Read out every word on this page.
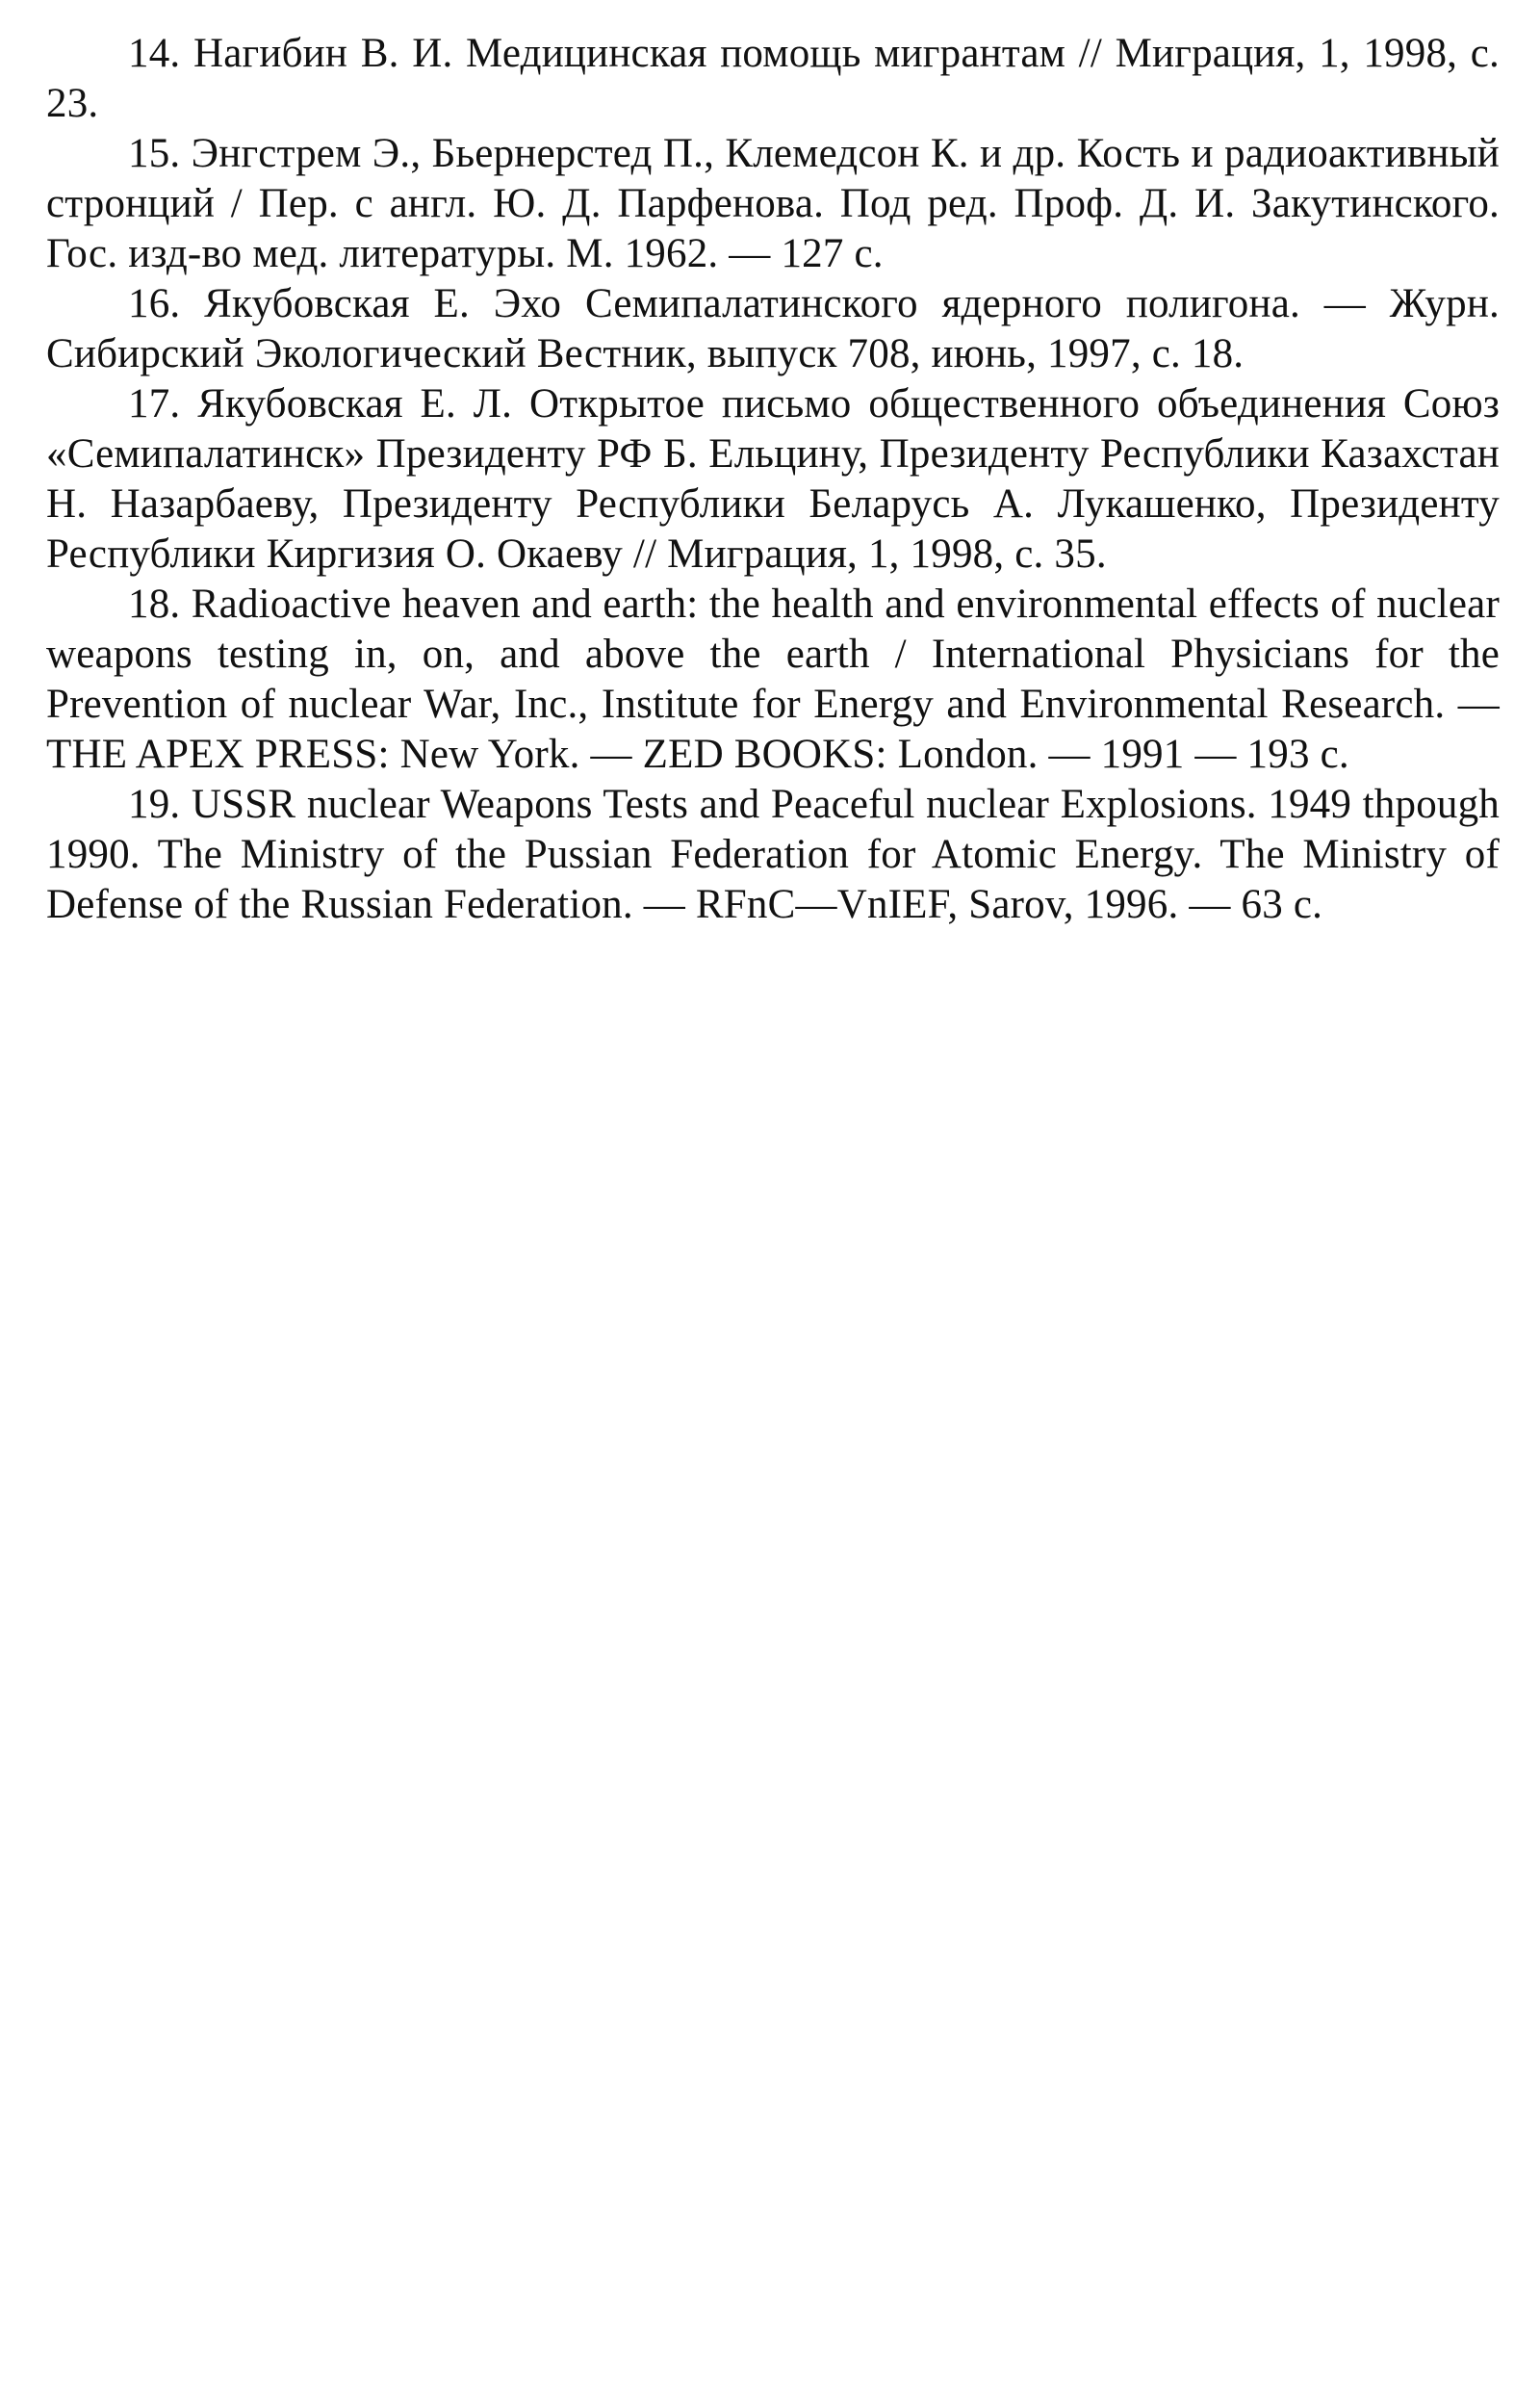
14. Нагибин В. И. Медицинская помощь мигрантам // Миграция, 1, 1998, с. 23.

15. Энгстрем Э., Бьернерстед П., Клемедсон К. и др. Кость и радиоактивный стронций / Пер. с англ. Ю. Д. Парфенова. Под ред. Проф. Д. И. Закутинского. Гос. изд-во мед. литературы. М. 1962. — 127 с.

16. Якубовская Е. Эхо Семипалатинского ядерного полигона. — Журн. Сибирский Экологический Вестник, выпуск 708, июнь, 1997, с. 18.

17. Якубовская Е. Л. Открытое письмо общественного объединения Союз «Семипалатинск» Президенту РФ Б. Ельцину, Президенту Республики Казахстан Н. Назарбаеву, Президенту Республики Беларусь А. Лукашенко, Президенту Республики Киргизия О. Окаеву // Миграция, 1, 1998, с. 35.

18. Radioactive heaven and earth: the health and environmental effects of nuclear weapons testing in, on, and above the earth / International Physicians for the Prevention of nuclear War, Inc., Institute for Energy and Environmental Research. — THE APEX PRESS: New York. — ZED BOOKS: London. — 1991 — 193 с.

19. USSR nuclear Weapons Tests and Peaceful nuclear Explosions. 1949 thpough 1990. The Ministry of the Pussian Federation for Atomic Energy. The Ministry of Defense of the Russian Federation. — RFnC—VnIEF, Sarov, 1996. — 63 с.
